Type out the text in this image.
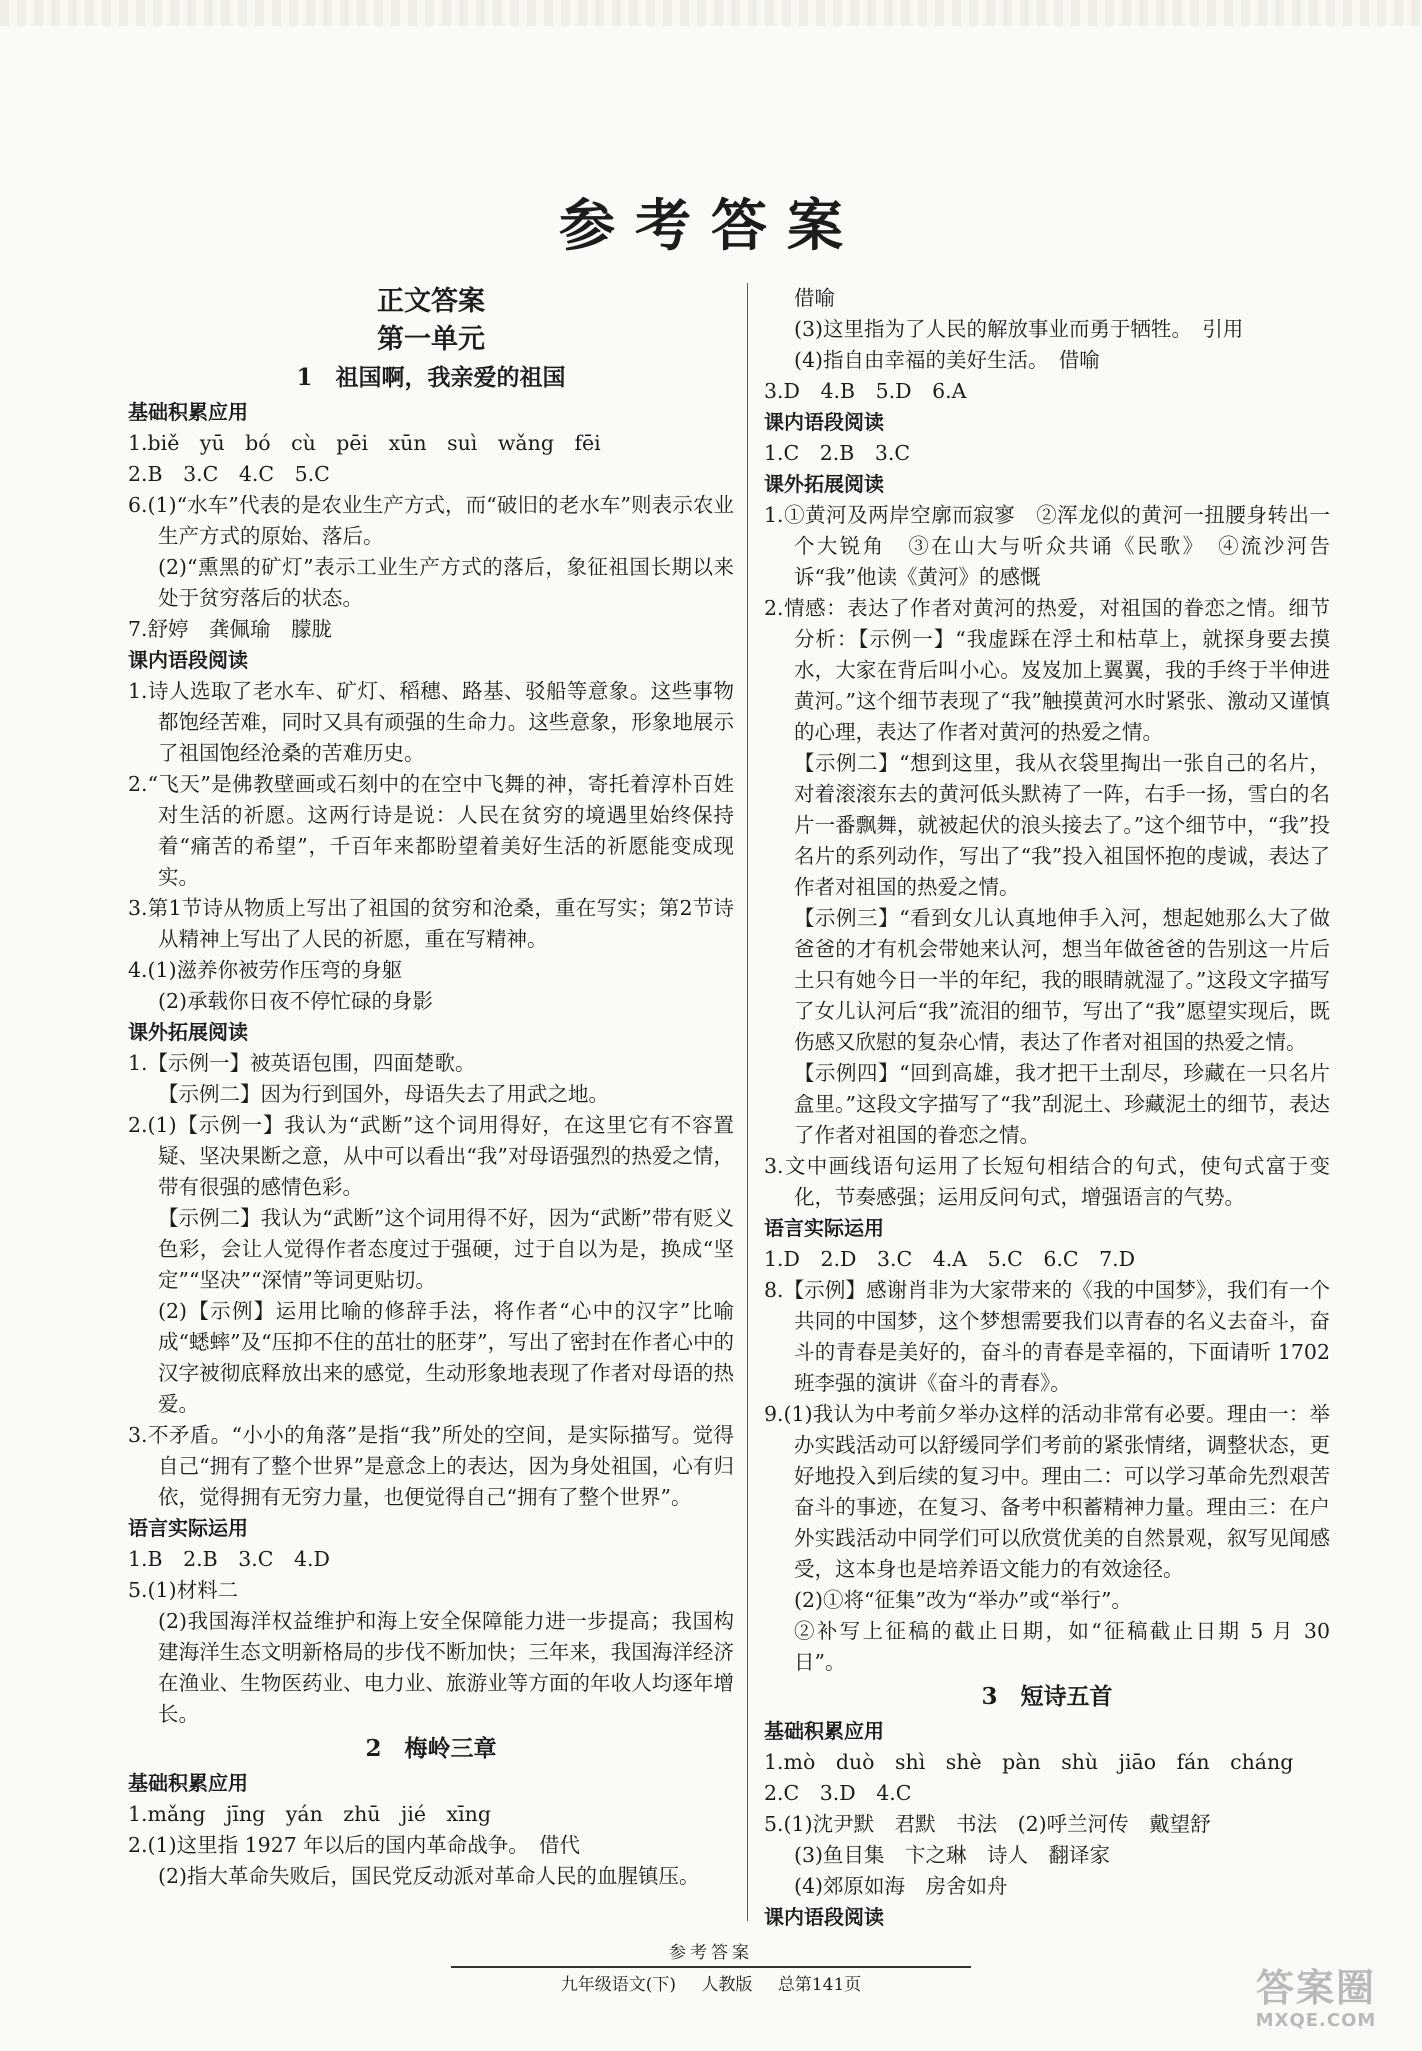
参考答案

正文答案

第一单元

1　祖国啊，我亲爱的祖国

基础积累应用

1.biě　yū　bó　cù　pēi　xūn　suì　wǎng　fēi

2.B　3.C　4.C　5.C

6.(1)“水车”代表的是农业生产方式，而“破旧的老水车”则表示农业生产方式的原始、落后。

(2)“熏黑的矿灯”表示工业生产方式的落后，象征祖国长期以来处于贫穷落后的状态。

7.舒婷　龚佩瑜　朦胧

课内语段阅读

1.诗人选取了老水车、矿灯、稻穗、路基、驳船等意象。这些事物都饱经苦难，同时又具有顽强的生命力。这些意象，形象地展示了祖国饱经沧桑的苦难历史。

2.“飞天”是佛教壁画或石刻中的在空中飞舞的神，寄托着淳朴百姓对生活的祈愿。这两行诗是说：人民在贫穷的境遇里始终保持着“痛苦的希望”，千百年来都盼望着美好生活的祈愿能变成现实。

3.第1节诗从物质上写出了祖国的贫穷和沧桑，重在写实；第2节诗从精神上写出了人民的祈愿，重在写精神。

4.(1)滋养你被劳作压弯的身躯

(2)承载你日夜不停忙碌的身影

课外拓展阅读

1.【示例一】被英语包围，四面楚歌。

【示例二】因为行到国外，母语失去了用武之地。

2.(1)【示例一】我认为“武断”这个词用得好，在这里它有不容置疑、坚决果断之意，从中可以看出“我”对母语强烈的热爱之情，带有很强的感情色彩。

【示例二】我认为“武断”这个词用得不好，因为“武断”带有贬义色彩，会让人觉得作者态度过于强硬，过于自以为是，换成“坚定”“坚决”“深情”等词更贴切。

(2)【示例】运用比喻的修辞手法，将作者“心中的汉字”比喻成“蟋蟀”及“压抑不住的茁壮的胚芽”，写出了密封在作者心中的汉字被彻底释放出来的感觉，生动形象地表现了作者对母语的热爱。

3.不矛盾。“小小的角落”是指“我”所处的空间，是实际描写。觉得自己“拥有了整个世界”是意念上的表达，因为身处祖国，心有归依，觉得拥有无穷力量，也便觉得自己“拥有了整个世界”。

语言实际运用

1.B　2.B　3.C　4.D

5.(1)材料二

(2)我国海洋权益维护和海上安全保障能力进一步提高；我国构建海洋生态文明新格局的步伐不断加快；三年来，我国海洋经济在渔业、生物医药业、电力业、旅游业等方面的年收人均逐年增长。

2　梅岭三章

基础积累应用

1.mǎng　jīng　yán　zhū　jié　xīng

2.(1)这里指 1927 年以后的国内革命战争。　借代

(2)指大革命失败后，国民党反动派对革命人民的血腥镇压。

借喻

(3)这里指为了人民的解放事业而勇于牺牲。　引用

(4)指自由幸福的美好生活。　借喻

3.D　4.B　5.D　6.A

课内语段阅读

1.C　2.B　3.C

课外拓展阅读

1.①黄河及两岸空廓而寂寥　②浑龙似的黄河一扭腰身转出一个大锐角　③在山大与听众共诵《民歌》　④流沙河告诉“我”他读《黄河》的感慨

2.情感：表达了作者对黄河的热爱，对祖国的眷恋之情。细节分析：【示例一】“我虚踩在浮土和枯草上，就探身要去摸水，大家在背后叫小心。岌岌加上翼翼，我的手终于半伸进黄河。”这个细节表现了“我”触摸黄河水时紧张、激动又谨慎的心理，表达了作者对黄河的热爱之情。

【示例二】“想到这里，我从衣袋里掏出一张自己的名片，对着滚滚东去的黄河低头默祷了一阵，右手一扬，雪白的名片一番飘舞，就被起伏的浪头接去了。”这个细节中，“我”投名片的系列动作，写出了“我”投入祖国怀抱的虔诚，表达了作者对祖国的热爱之情。

【示例三】“看到女儿认真地伸手入河，想起她那么大了做爸爸的才有机会带她来认河，想当年做爸爸的告别这一片后土只有她今日一半的年纪，我的眼睛就湿了。”这段文字描写了女儿认河后“我”流泪的细节，写出了“我”愿望实现后，既伤感又欣慰的复杂心情，表达了作者对祖国的热爱之情。

【示例四】“回到高雄，我才把干土刮尽，珍藏在一只名片盒里。”这段文字描写了“我”刮泥土、珍藏泥土的细节，表达了作者对祖国的眷恋之情。

3.文中画线语句运用了长短句相结合的句式，使句式富于变化，节奏感强；运用反问句式，增强语言的气势。

语言实际运用

1.D　2.D　3.C　4.A　5.C　6.C　7.D

8.【示例】感谢肖非为大家带来的《我的中国梦》，我们有一个共同的中国梦，这个梦想需要我们以青春的名义去奋斗，奋斗的青春是美好的，奋斗的青春是幸福的，下面请听 1702 班李强的演讲《奋斗的青春》。

9.(1)我认为中考前夕举办这样的活动非常有必要。理由一：举办实践活动可以舒缓同学们考前的紧张情绪，调整状态，更好地投入到后续的复习中。理由二：可以学习革命先烈艰苦奋斗的事迹，在复习、备考中积蓄精神力量。理由三：在户外实践活动中同学们可以欣赏优美的自然景观，叙写见闻感受，这本身也是培养语文能力的有效途径。

(2)①将“征集”改为“举办”或“举行”。

②补写上征稿的截止日期，如“征稿截止日期 5 月 30 日”。

3　短诗五首

基础积累应用

1.mò　duò　shì　shè　pàn　shù　jiāo　fán　cháng

2.C　3.D　4.C

5.(1)沈尹默　君默　书法　(2)呼兰河传　戴望舒

(3)鱼目集　卞之琳　诗人　翻译家

(4)郊原如海　房舍如舟

课内语段阅读

参考答案
九年级语文(下) 人教版 总第141页	答案圈
MXQE.COM
